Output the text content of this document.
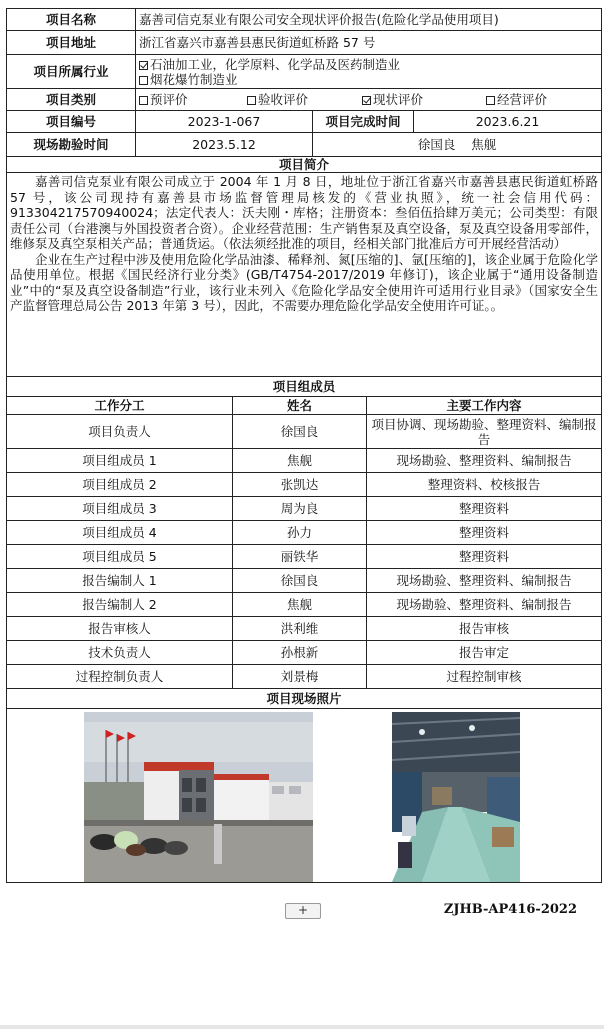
项目名称	嘉善司信克泵业有限公司安全现状评价报告(危险化学品使用项目)				
项目地址	浙江省嘉兴市嘉善县惠民街道虹桥路 57 号				
项目所属行业	石油加工业，化学原料、化学品及医药制造业
烟花爆竹制造业				

项目类别	预评价 验收评价 现状评价 经营评价				
项目编号	2023-1-067		项目完成时间		2023.6.21
现场勘验时间	2023.5.12		徐国良    焦舰		
项目简介					

嘉善司信克泵业有限公司成立于 2004 年 1 月 8 日，地址位于浙江省嘉兴市嘉善县惠民街道虹桥路 57 号，该公司现持有嘉善县市场监督管理局核发的《营业执照》，统一社会信用代码：913304217570940024；法定代表人：沃夫刚・库格；注册资本：叁佰伍拾肆万美元；公司类型：有限责任公司（台港澳与外国投资者合资）。企业经营范围：生产销售泵及真空设备，泵及真空设备用零部件，维修泵及真空泵相关产品；普通货运。（依法须经批准的项目，经相关部门批准后方可开展经营活动）

企业在生产过程中涉及使用危险化学品油漆、稀释剂、氮[压缩的]、氩[压缩的]，该企业属于危险化学品使用单位。根据《国民经济行业分类》(GB/T4754-2017/2019 年修订)，该企业属于“通用设备制造业”中的“泵及真空设备制造”行业，该行业未列入《危险化学品安全使用许可适用行业目录》（国家安全生产监督管理总局公告 2013 年第 3 号），因此，不需要办理危险化学品安全使用许可证。。					

项目组成员					
工作分工		姓名		主要工作内容	
项目负责人		徐国良		项目协调、现场勘验、整理资料、编制报告	
项目组成员 1		焦舰		现场勘验、整理资料、编制报告	
项目组成员 2		张凯达		整理资料、校核报告	
项目组成员 3		周为良		整理资料	
项目组成员 4		孙力		整理资料	
项目组成员 5		丽铁华		整理资料	
报告编制人 1		徐国良		现场勘验、整理资料、编制报告	
报告编制人 2		焦舰		现场勘验、整理资料、编制报告	
报告审核人		洪利维		报告审核	
技术负责人		孙根新		报告审定	
过程控制负责人		刘景梅		过程控制审核	
项目现场照片					

+	ZJHB-AP416-2022
